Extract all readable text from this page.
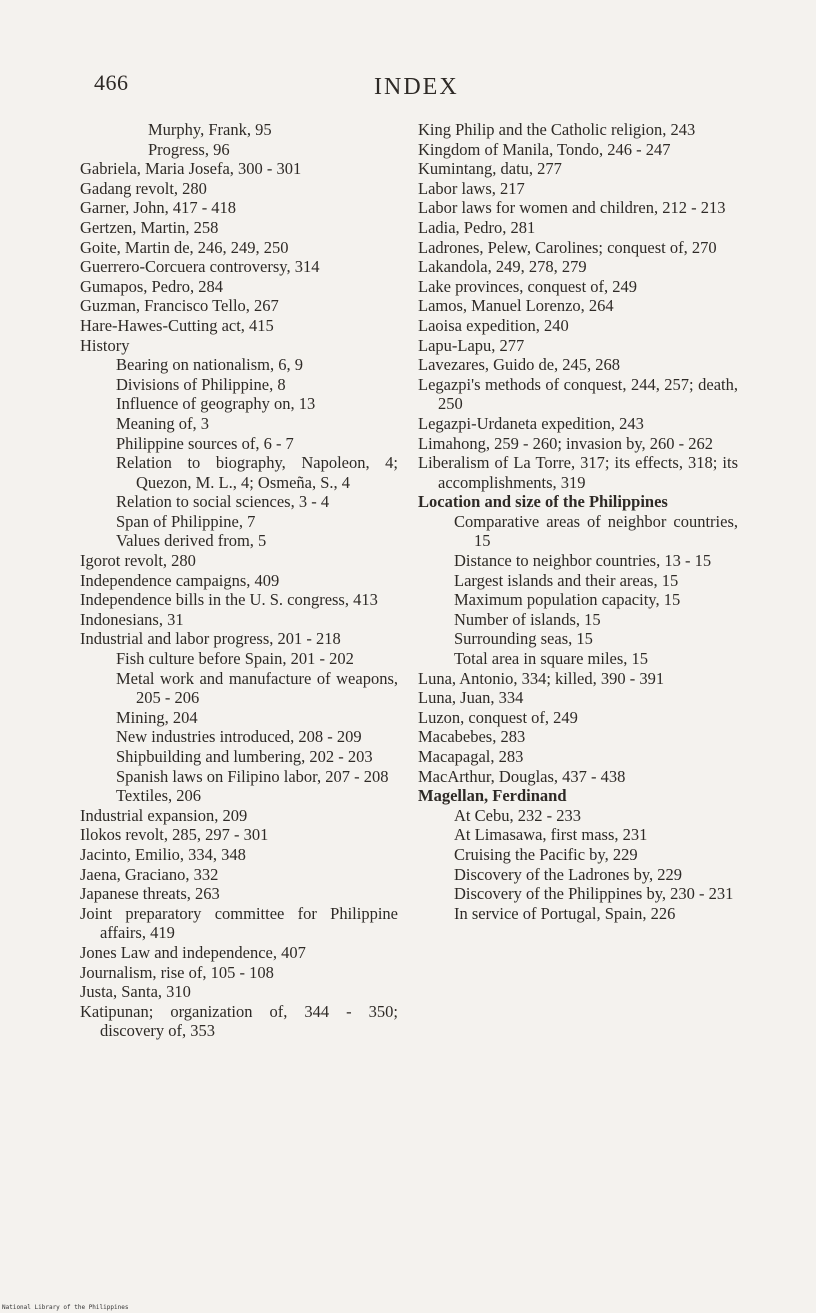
466	INDEX

Murphy, Frank, 95

Progress, 96

Gabriela, Maria Josefa, 300 - 301

Gadang revolt, 280

Garner, John, 417 - 418

Gertzen, Martin, 258

Goite, Martin de, 246, 249, 250

Guerrero-Corcuera controversy, 314

Gumapos, Pedro, 284

Guzman, Francisco Tello, 267

Hare-Hawes-Cutting act, 415

History

Bearing on nationalism, 6, 9

Divisions of Philippine, 8

Influence of geography on, 13

Meaning of, 3

Philippine sources of, 6 - 7

Relation to biography, Napoleon, 4; Quezon, M. L., 4; Osmeña, S., 4

Relation to social sciences, 3 - 4

Span of Philippine, 7

Values derived from, 5

Igorot revolt, 280

Independence campaigns, 409

Independence bills in the U. S. congress, 413

Indonesians, 31

Industrial and labor progress, 201 - 218

Fish culture before Spain, 201 - 202

Metal work and manufacture of weapons, 205 - 206

Mining, 204

New industries introduced, 208 - 209

Shipbuilding and lumbering, 202 - 203

Spanish laws on Filipino labor, 207 - 208

Textiles, 206

Industrial expansion, 209

Ilokos revolt, 285, 297 - 301

Jacinto, Emilio, 334, 348

Jaena, Graciano, 332

Japanese threats, 263

Joint preparatory committee for Philippine affairs, 419

Jones Law and independence, 407

Journalism, rise of, 105 - 108

Justa, Santa, 310

Katipunan; organization of, 344 - 350; discovery of, 353

King Philip and the Catholic religion, 243

Kingdom of Manila, Tondo, 246 - 247

Kumintang, datu, 277

Labor laws, 217

Labor laws for women and children, 212 - 213

Ladia, Pedro, 281

Ladrones, Pelew, Carolines; conquest of, 270

Lakandola, 249, 278, 279

Lake provinces, conquest of, 249

Lamos, Manuel Lorenzo, 264

Laoisa expedition, 240

Lapu-Lapu, 277

Lavezares, Guido de, 245, 268

Legazpi's methods of conquest, 244, 257; death, 250

Legazpi-Urdaneta expedition, 243

Limahong, 259 - 260; invasion by, 260 - 262

Liberalism of La Torre, 317; its effects, 318; its accomplishments, 319

Location and size of the Philippines

Comparative areas of neighbor countries, 15

Distance to neighbor countries, 13 - 15

Largest islands and their areas, 15

Maximum population capacity, 15

Number of islands, 15

Surrounding seas, 15

Total area in square miles, 15

Luna, Antonio, 334; killed, 390 - 391

Luna, Juan, 334

Luzon, conquest of, 249

Macabebes, 283

Macapagal, 283

MacArthur, Douglas, 437 - 438

Magellan, Ferdinand

At Cebu, 232 - 233

At Limasawa, first mass, 231

Cruising the Pacific by, 229

Discovery of the Ladrones by, 229

Discovery of the Philippines by, 230 - 231

In service of Portugal, Spain, 226

National Library of the Philippines
